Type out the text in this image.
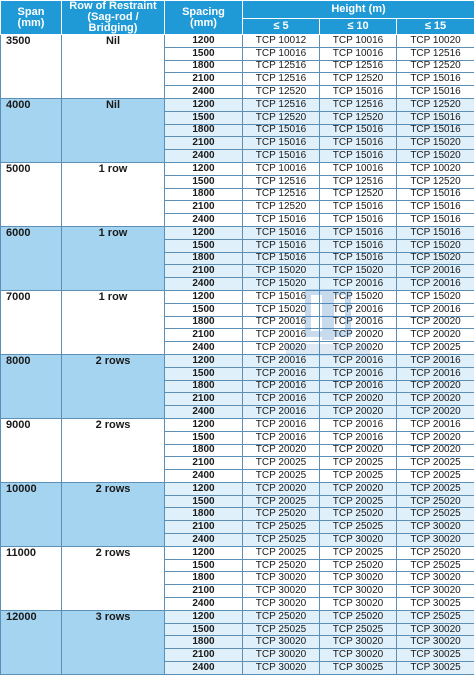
Span
(mm)	Row of Restraint
(Sag-rod / Bridging)	Spacing
(mm)	Height (m)		
			≤ 5	≤ 10	≤ 15
3500	Nil	1200	TCP 10012	TCP 10016	TCP 10020
		1500	TCP 10016	TCP 10016	TCP 12516
		1800	TCP 12516	TCP 12516	TCP 12520
		2100	TCP 12516	TCP 12520	TCP 15016
		2400	TCP 12520	TCP 15016	TCP 15016
4000	Nil	1200	TCP 12516	TCP 12516	TCP 12520
		1500	TCP 12520	TCP 12520	TCP 15016
		1800	TCP 15016	TCP 15016	TCP 15016
		2100	TCP 15016	TCP 15016	TCP 15020
		2400	TCP 15016	TCP 15016	TCP 15020
5000	1 row	1200	TCP 10016	TCP 10016	TCP 10020
		1500	TCP 12516	TCP 12516	TCP 12520
		1800	TCP 12516	TCP 12520	TCP 15016
		2100	TCP 12520	TCP 15016	TCP 15016
		2400	TCP 15016	TCP 15016	TCP 15016
6000	1 row	1200	TCP 15016	TCP 15016	TCP 15016
		1500	TCP 15016	TCP 15016	TCP 15020
		1800	TCP 15016	TCP 15016	TCP 15020
		2100	TCP 15020	TCP 15020	TCP 20016
		2400	TCP 15020	TCP 20016	TCP 20016
7000	1 row	1200	TCP 15016	TCP 15020	TCP 15020
		1500	TCP 15020	TCP 20016	TCP 20016
		1800	TCP 20016	TCP 20016	TCP 20020
		2100	TCP 20016	TCP 20020	TCP 20020
		2400	TCP 20020	TCP 20020	TCP 20025
8000	2 rows	1200	TCP 20016	TCP 20016	TCP 20016
		1500	TCP 20016	TCP 20016	TCP 20016
		1800	TCP 20016	TCP 20016	TCP 20020
		2100	TCP 20016	TCP 20020	TCP 20020
		2400	TCP 20016	TCP 20020	TCP 20020
9000	2 rows	1200	TCP 20016	TCP 20016	TCP 20016
		1500	TCP 20016	TCP 20016	TCP 20020
		1800	TCP 20020	TCP 20020	TCP 20020
		2100	TCP 20025	TCP 20025	TCP 20025
		2400	TCP 20025	TCP 20025	TCP 20025
10000	2 rows	1200	TCP 20020	TCP 20020	TCP 20025
		1500	TCP 20025	TCP 20025	TCP 25020
		1800	TCP 25020	TCP 25020	TCP 25025
		2100	TCP 25025	TCP 25025	TCP 30020
		2400	TCP 25025	TCP 30020	TCP 30020
11000	2 rows	1200	TCP 20025	TCP 20025	TCP 25020
		1500	TCP 25020	TCP 25020	TCP 25025
		1800	TCP 30020	TCP 30020	TCP 30020
		2100	TCP 30020	TCP 30020	TCP 30020
		2400	TCP 30020	TCP 30020	TCP 30025
12000	3 rows	1200	TCP 25020	TCP 25020	TCP 25025
		1500	TCP 25025	TCP 25025	TCP 30020
		1800	TCP 30020	TCP 30020	TCP 30020
		2100	TCP 30020	TCP 30020	TCP 30025
		2400	TCP 30020	TCP 30025	TCP 30025
